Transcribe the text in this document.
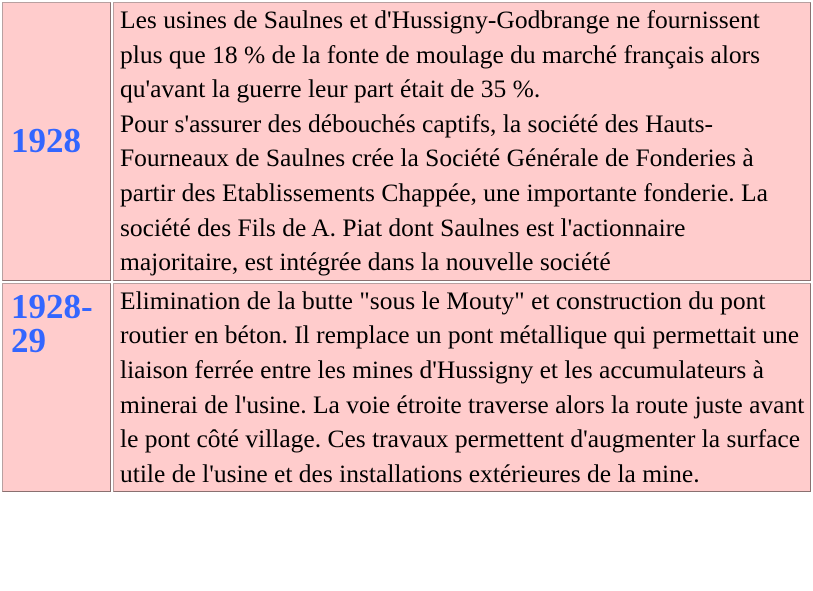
1928	Les usines de Saulnes et d'Hussigny-Godbrange ne fournissent plus que 18 % de la fonte de moulage du marché français alors qu'avant la guerre leur part était de 35 %.
Pour s'assurer des débouchés captifs, la société des Hauts-Fourneaux de Saulnes crée la Société Générale de Fonderies à partir des Etablissements Chappée, une importante fonderie. La société des Fils de A. Piat dont Saulnes est l'actionnaire majoritaire, est intégrée dans la nouvelle société

1928-29	Elimination de la butte "sous le Mouty" et construction du pont routier en béton. Il remplace un pont métallique qui permettait une liaison ferrée entre les mines d'Hussigny et les accumulateurs à minerai de l'usine. La voie étroite traverse alors la route juste avant le pont côté village. Ces travaux permettent d'augmenter la surface utile de l'usine et des installations extérieures de la mine.
